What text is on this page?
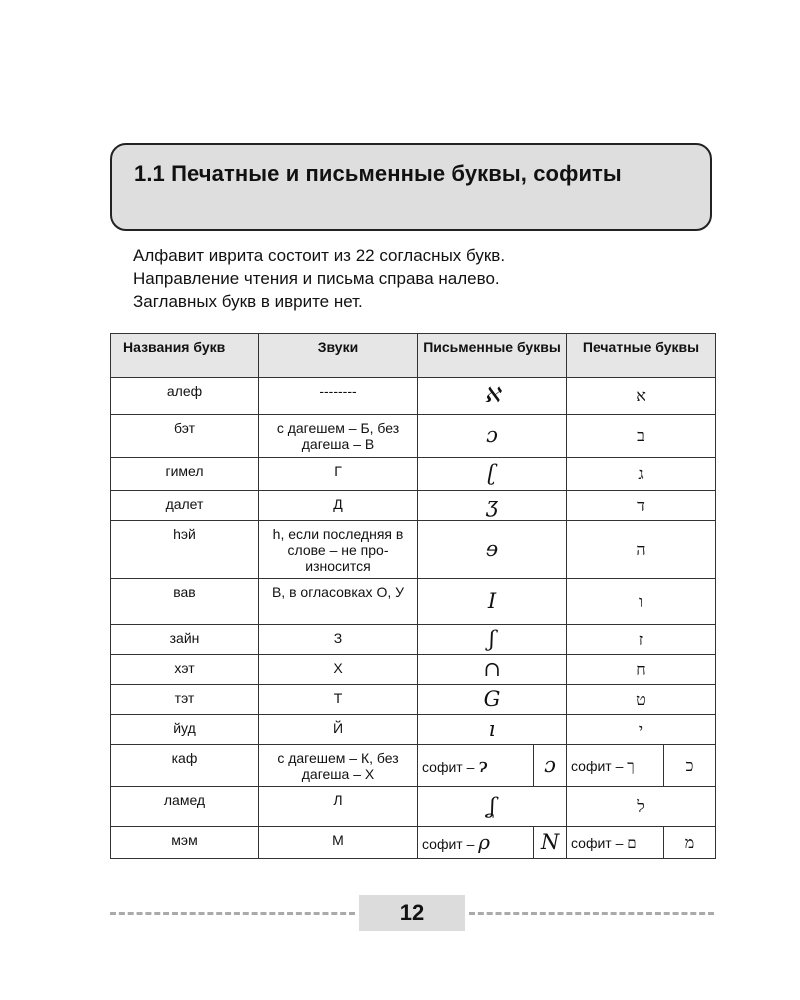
1.1 Печатные и письменные буквы, софиты
Алфавит иврита состоит из 22 согласных букв.
Направление чтения и письма справа налево.
Заглавных букв в иврите нет.
Названия букв	Звуки	Письменные буквы		Печатные буквы	
алеф	--------	ℵ		א	
бэт	с дагешем – Б, без дагеша – В	ɔ		ב	
гимел	Г	ʗ		ג	
далет	Д	ʒ		ד	
hэй	h, если последняя в слове – не про-износится	ɘ		ה	
вав	В, в огласовках О, У	I		ו	
зайн	З	ʃ		ז	
хэт	Х	∩		ח	
тэт	Т	G		ט	
йуд	Й	ı		י	
каф	с дагешем – К, без дагеша – Х	софит – ɂ	ɔ	софит – ך	כ
ламед	Л	ʆ		ל	
мэм	М	софит – ρ	N	софит – ם	מ
12
